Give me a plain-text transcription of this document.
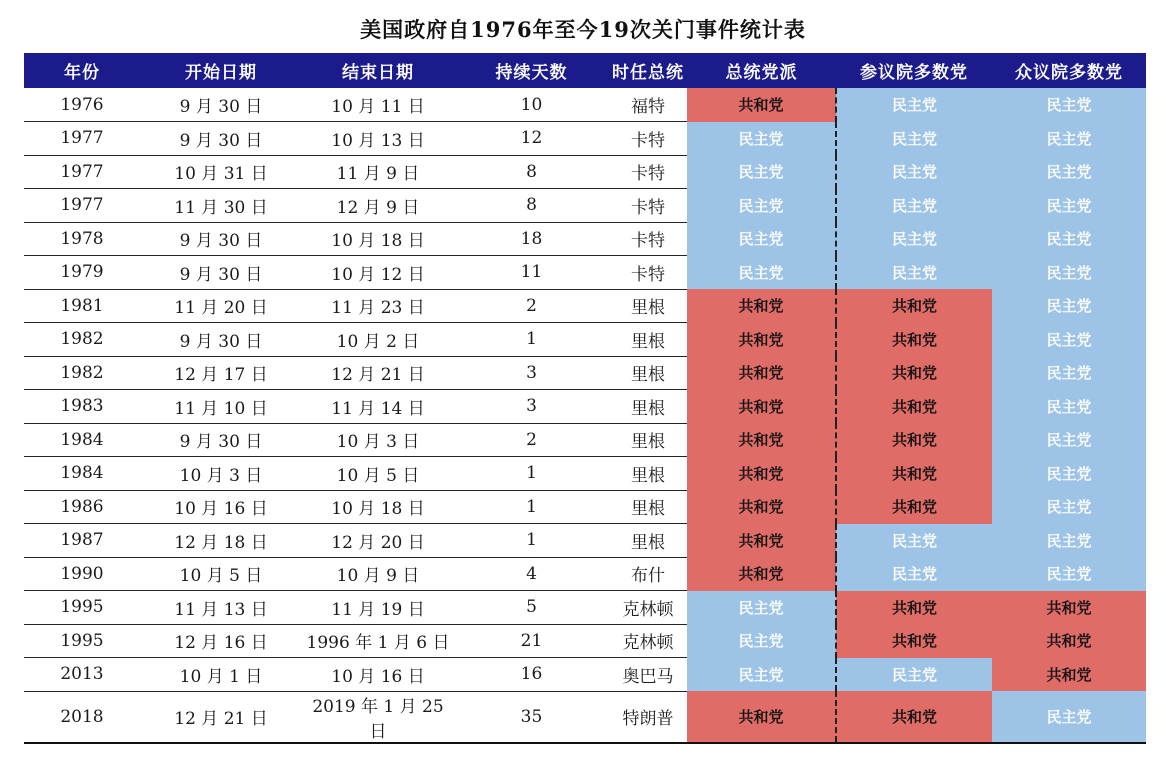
美国政府自1976年至今19次关门事件统计表
年份	开始日期	结束日期	持续天数	时任总统	总统党派	参议院多数党	众议院多数党
1976	9 月 30 日	10 月 11 日	10	福特	共和党	民主党	民主党
1977	9 月 30 日	10 月 13 日	12	卡特	民主党	民主党	民主党
1977	10 月 31 日	11 月 9 日	8	卡特	民主党	民主党	民主党
1977	11 月 30 日	12 月 9 日	8	卡特	民主党	民主党	民主党
1978	9 月 30 日	10 月 18 日	18	卡特	民主党	民主党	民主党
1979	9 月 30 日	10 月 12 日	11	卡特	民主党	民主党	民主党
1981	11 月 20 日	11 月 23 日	2	里根	共和党	共和党	民主党
1982	9 月 30 日	10 月 2 日	1	里根	共和党	共和党	民主党
1982	12 月 17 日	12 月 21 日	3	里根	共和党	共和党	民主党
1983	11 月 10 日	11 月 14 日	3	里根	共和党	共和党	民主党
1984	9 月 30 日	10 月 3 日	2	里根	共和党	共和党	民主党
1984	10 月 3 日	10 月 5 日	1	里根	共和党	共和党	民主党
1986	10 月 16 日	10 月 18 日	1	里根	共和党	共和党	民主党
1987	12 月 18 日	12 月 20 日	1	里根	共和党	民主党	民主党
1990	10 月 5 日	10 月 9 日	4	布什	共和党	民主党	民主党
1995	11 月 13 日	11 月 19 日	5	克林顿	民主党	共和党	共和党
1995	12 月 16 日	1996 年 1 月 6 日	21	克林顿	民主党	共和党	共和党
2013	10 月 1 日	10 月 16 日	16	奥巴马	民主党	民主党	共和党
2018	12 月 21 日	2019 年 1 月 25 日	35	特朗普	共和党	共和党	民主党
